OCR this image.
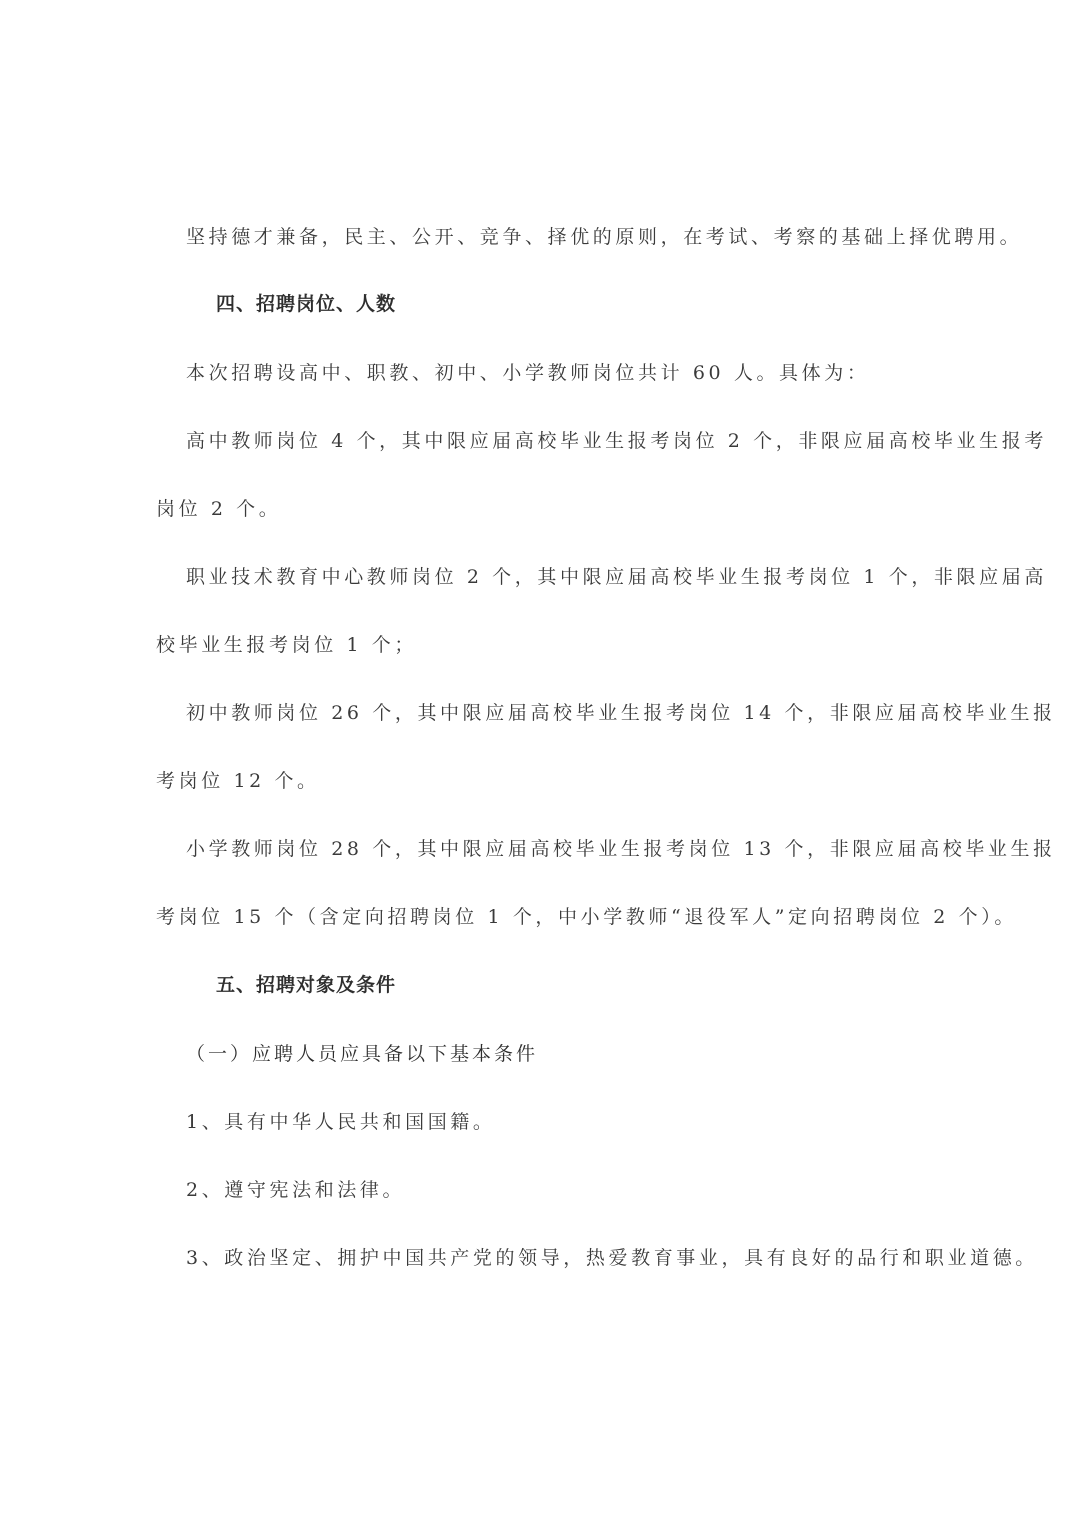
坚持德才兼备，民主、公开、竞争、择优的原则，在考试、考察的基础上择优聘用。
四、招聘岗位、人数
本次招聘设高中、职教、初中、小学教师岗位共计 60 人。具体为：
高中教师岗位 4 个，其中限应届高校毕业生报考岗位 2 个，非限应届高校毕业生报考
岗位 2 个。
职业技术教育中心教师岗位 2 个，其中限应届高校毕业生报考岗位 1 个，非限应届高
校毕业生报考岗位 1 个；
初中教师岗位 26 个，其中限应届高校毕业生报考岗位 14 个，非限应届高校毕业生报
考岗位 12 个。
小学教师岗位 28 个，其中限应届高校毕业生报考岗位 13 个，非限应届高校毕业生报
考岗位 15 个（含定向招聘岗位 1 个，中小学教师“退役军人”定向招聘岗位 2 个）。
五、招聘对象及条件
（一）应聘人员应具备以下基本条件
1、具有中华人民共和国国籍。
2、遵守宪法和法律。
3、政治坚定、拥护中国共产党的领导，热爱教育事业，具有良好的品行和职业道德。
